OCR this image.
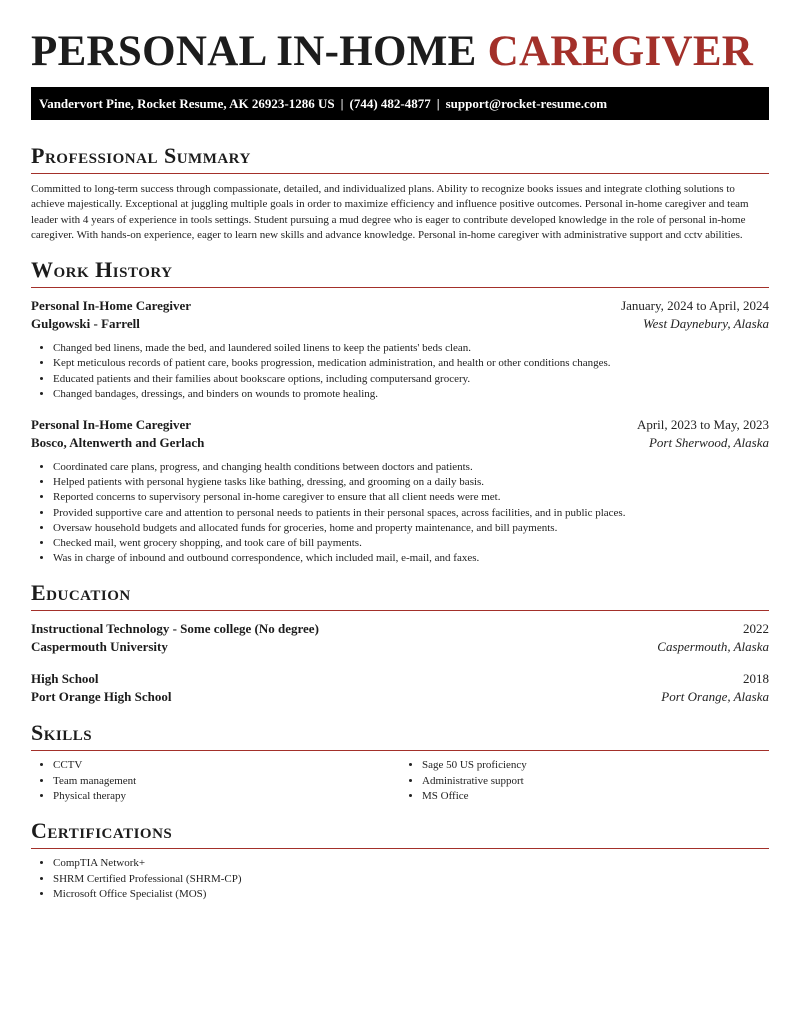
PERSONAL IN-HOME CAREGIVER
Vandervort Pine, Rocket Resume, AK 26923-1286 US | (744) 482-4877 | support@rocket-resume.com
Professional Summary

Committed to long-term success through compassionate, detailed, and individualized plans. Ability to recognize books issues and integrate clothing solutions to achieve majestically. Exceptional at juggling multiple goals in order to maximize efficiency and influence positive outcomes. Personal in-home caregiver and team leader with 4 years of experience in tools settings. Student pursuing a mud degree who is eager to contribute developed knowledge in the role of personal in-home caregiver. With hands-on experience, eager to learn new skills and advance knowledge. Personal in-home caregiver with administrative support and cctv abilities.

Work History
Personal In-Home Caregiver	January, 2024 to April, 2024
Gulgowski - Farrell	West Daynebury, Alaska
• Changed bed linens, made the bed, and laundered soiled linens to keep the patients' beds clean.
• Kept meticulous records of patient care, books progression, medication administration, and health or other conditions changes.
• Educated patients and their families about bookscare options, including computersand grocery.
• Changed bandages, dressings, and binders on wounds to promote healing.
Personal In-Home Caregiver	April, 2023 to May, 2023
Bosco, Altenwerth and Gerlach	Port Sherwood, Alaska
• Coordinated care plans, progress, and changing health conditions between doctors and patients.
• Helped patients with personal hygiene tasks like bathing, dressing, and grooming on a daily basis.
• Reported concerns to supervisory personal in-home caregiver to ensure that all client needs were met.
• Provided supportive care and attention to personal needs to patients in their personal spaces, across facilities, and in public places.
• Oversaw household budgets and allocated funds for groceries, home and property maintenance, and bill payments.
• Checked mail, went grocery shopping, and took care of bill payments.
• Was in charge of inbound and outbound correspondence, which included mail, e-mail, and faxes.
Education
Instructional Technology - Some college (No degree)	2022
Caspermouth University	Caspermouth, Alaska
High School	2018
Port Orange High School	Port Orange, Alaska
Skills
• CCTV
• Team management
• Physical therapy
• Sage 50 US proficiency
• Administrative support
• MS Office
Certifications
• CompTIA Network+
• SHRM Certified Professional (SHRM-CP)
• Microsoft Office Specialist (MOS)
